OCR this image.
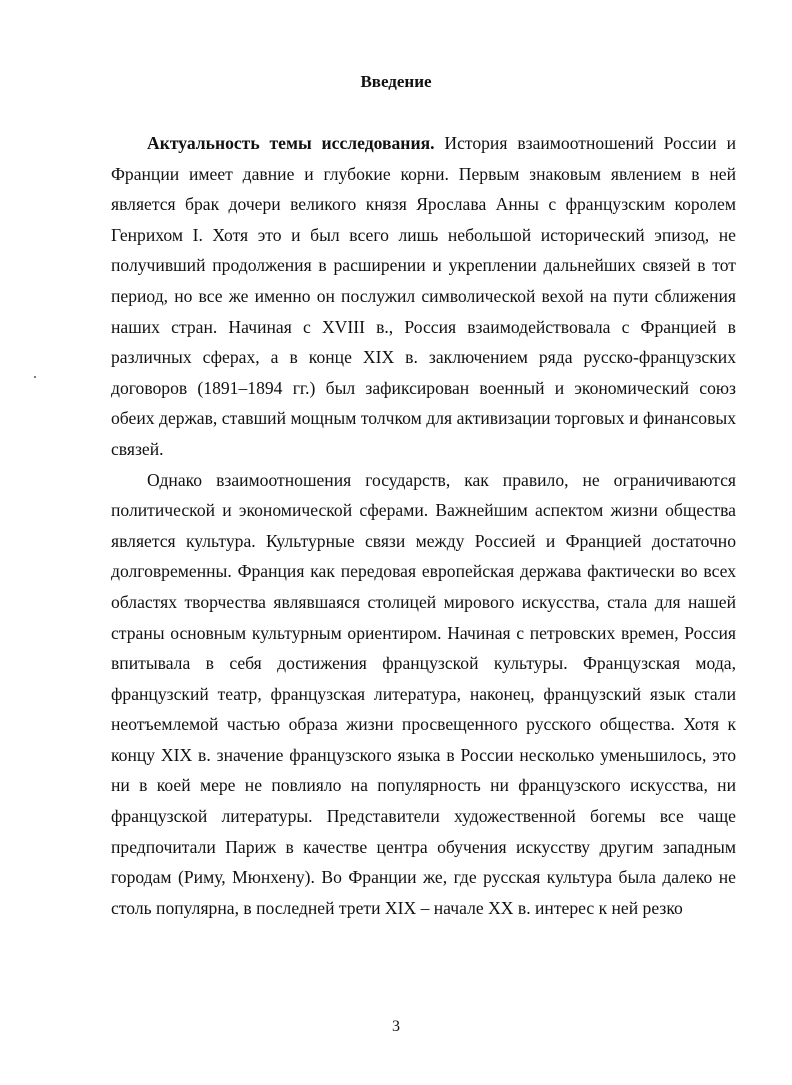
Введение

Актуальность темы исследования. История взаимоотношений России и Франции имеет давние и глубокие корни. Первым знаковым явлением в ней является брак дочери великого князя Ярослава Анны с французским королем Генрихом I. Хотя это и был всего лишь небольшой исторический эпизод, не получивший продолжения в расширении и укреплении дальнейших связей в тот период, но все же именно он послужил символической вехой на пути сближения наших стран. Начиная с XVIII в., Россия взаимодействовала с Францией в различных сферах, а в конце XIX в. заключением ряда русско-французских договоров (1891–1894 гг.) был зафиксирован военный и экономический союз обеих держав, ставший мощным толчком для активизации торговых и финансовых связей.

Однако взаимоотношения государств, как правило, не ограничиваются политической и экономической сферами. Важнейшим аспектом жизни общества является культура. Культурные связи между Россией и Францией достаточно долговременны. Франция как передовая европейская держава фактически во всех областях творчества являвшаяся столицей мирового искусства, стала для нашей страны основным культурным ориентиром. Начиная с петровских времен, Россия впитывала в себя достижения французской культуры. Французская мода, французский театр, французская литература, наконец, французский язык стали неотъемлемой частью образа жизни просвещенного русского общества. Хотя к концу XIX в. значение французского языка в России несколько уменьшилось, это ни в коей мере не повлияло на популярность ни французского искусства, ни французской литературы. Представители художественной богемы все чаще предпочитали Париж в качестве центра обучения искусству другим западным городам (Риму, Мюнхену). Во Франции же, где русская культура была далеко не столь популярна, в последней трети XIX – начале XX в. интерес к ней резко

3
